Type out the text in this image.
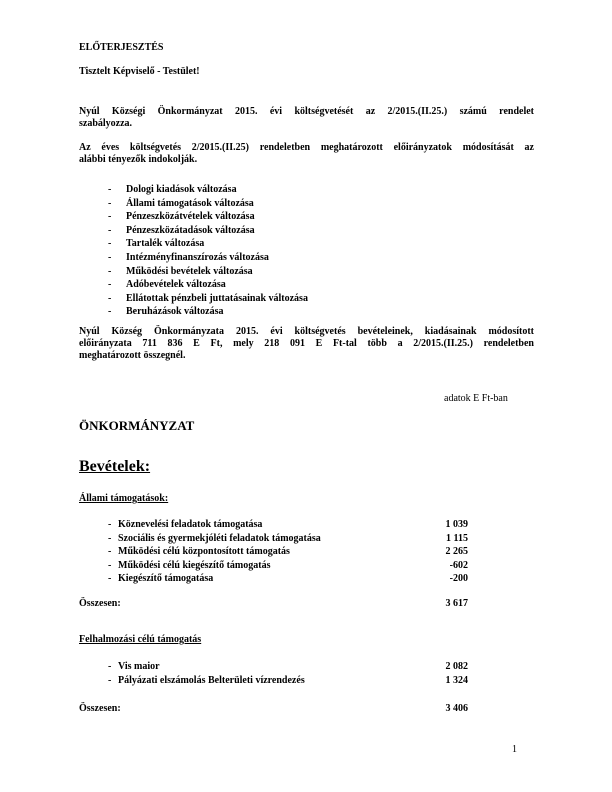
ELŐTERJESZTÉS
Tisztelt Képviselő - Testület!
Nyúl Községi Önkormányzat 2015. évi költségvetését az 2/2015.(II.25.) számú rendelet
szabályozza.
Az éves költségvetés 2/2015.(II.25) rendeletben meghatározott előirányzatok módosítását az
alábbi tényezők indokolják.
-	Dologi kiadások változása
-	Állami támogatások változása
-	Pénzeszközátvételek változása
-	Pénzeszközátadások változása
-	Tartalék változása
-	Intézményfinanszírozás változása
-	Működési bevételek változása
-	Adóbevételek változása
-	Ellátottak pénzbeli juttatásainak változása
-	Beruházások változása
Nyúl Község Önkormányzata 2015. évi költségvetés bevételeinek, kiadásainak módosított
előirányzata 711 836 E Ft, mely 218 091 E Ft-tal több a 2/2015.(II.25.) rendeletben
meghatározott összegnél.
adatok E Ft-ban
ÖNKORMÁNYZAT
Bevételek:
Állami támogatások:
- Köznevelési feladatok támogatása	1 039
- Szociális és gyermekjóléti feladatok támogatása	1 115
- Működési célú központosított támogatás	2 265
- Működési célú kiegészítő támogatás	-602
- Kiegészítő támogatása	-200
Összesen:	3 617
Felhalmozási célú támogatás
- Vis maior	2 082
- Pályázati elszámolás Belterületi vízrendezés	1 324
Összesen:	3 406
1
